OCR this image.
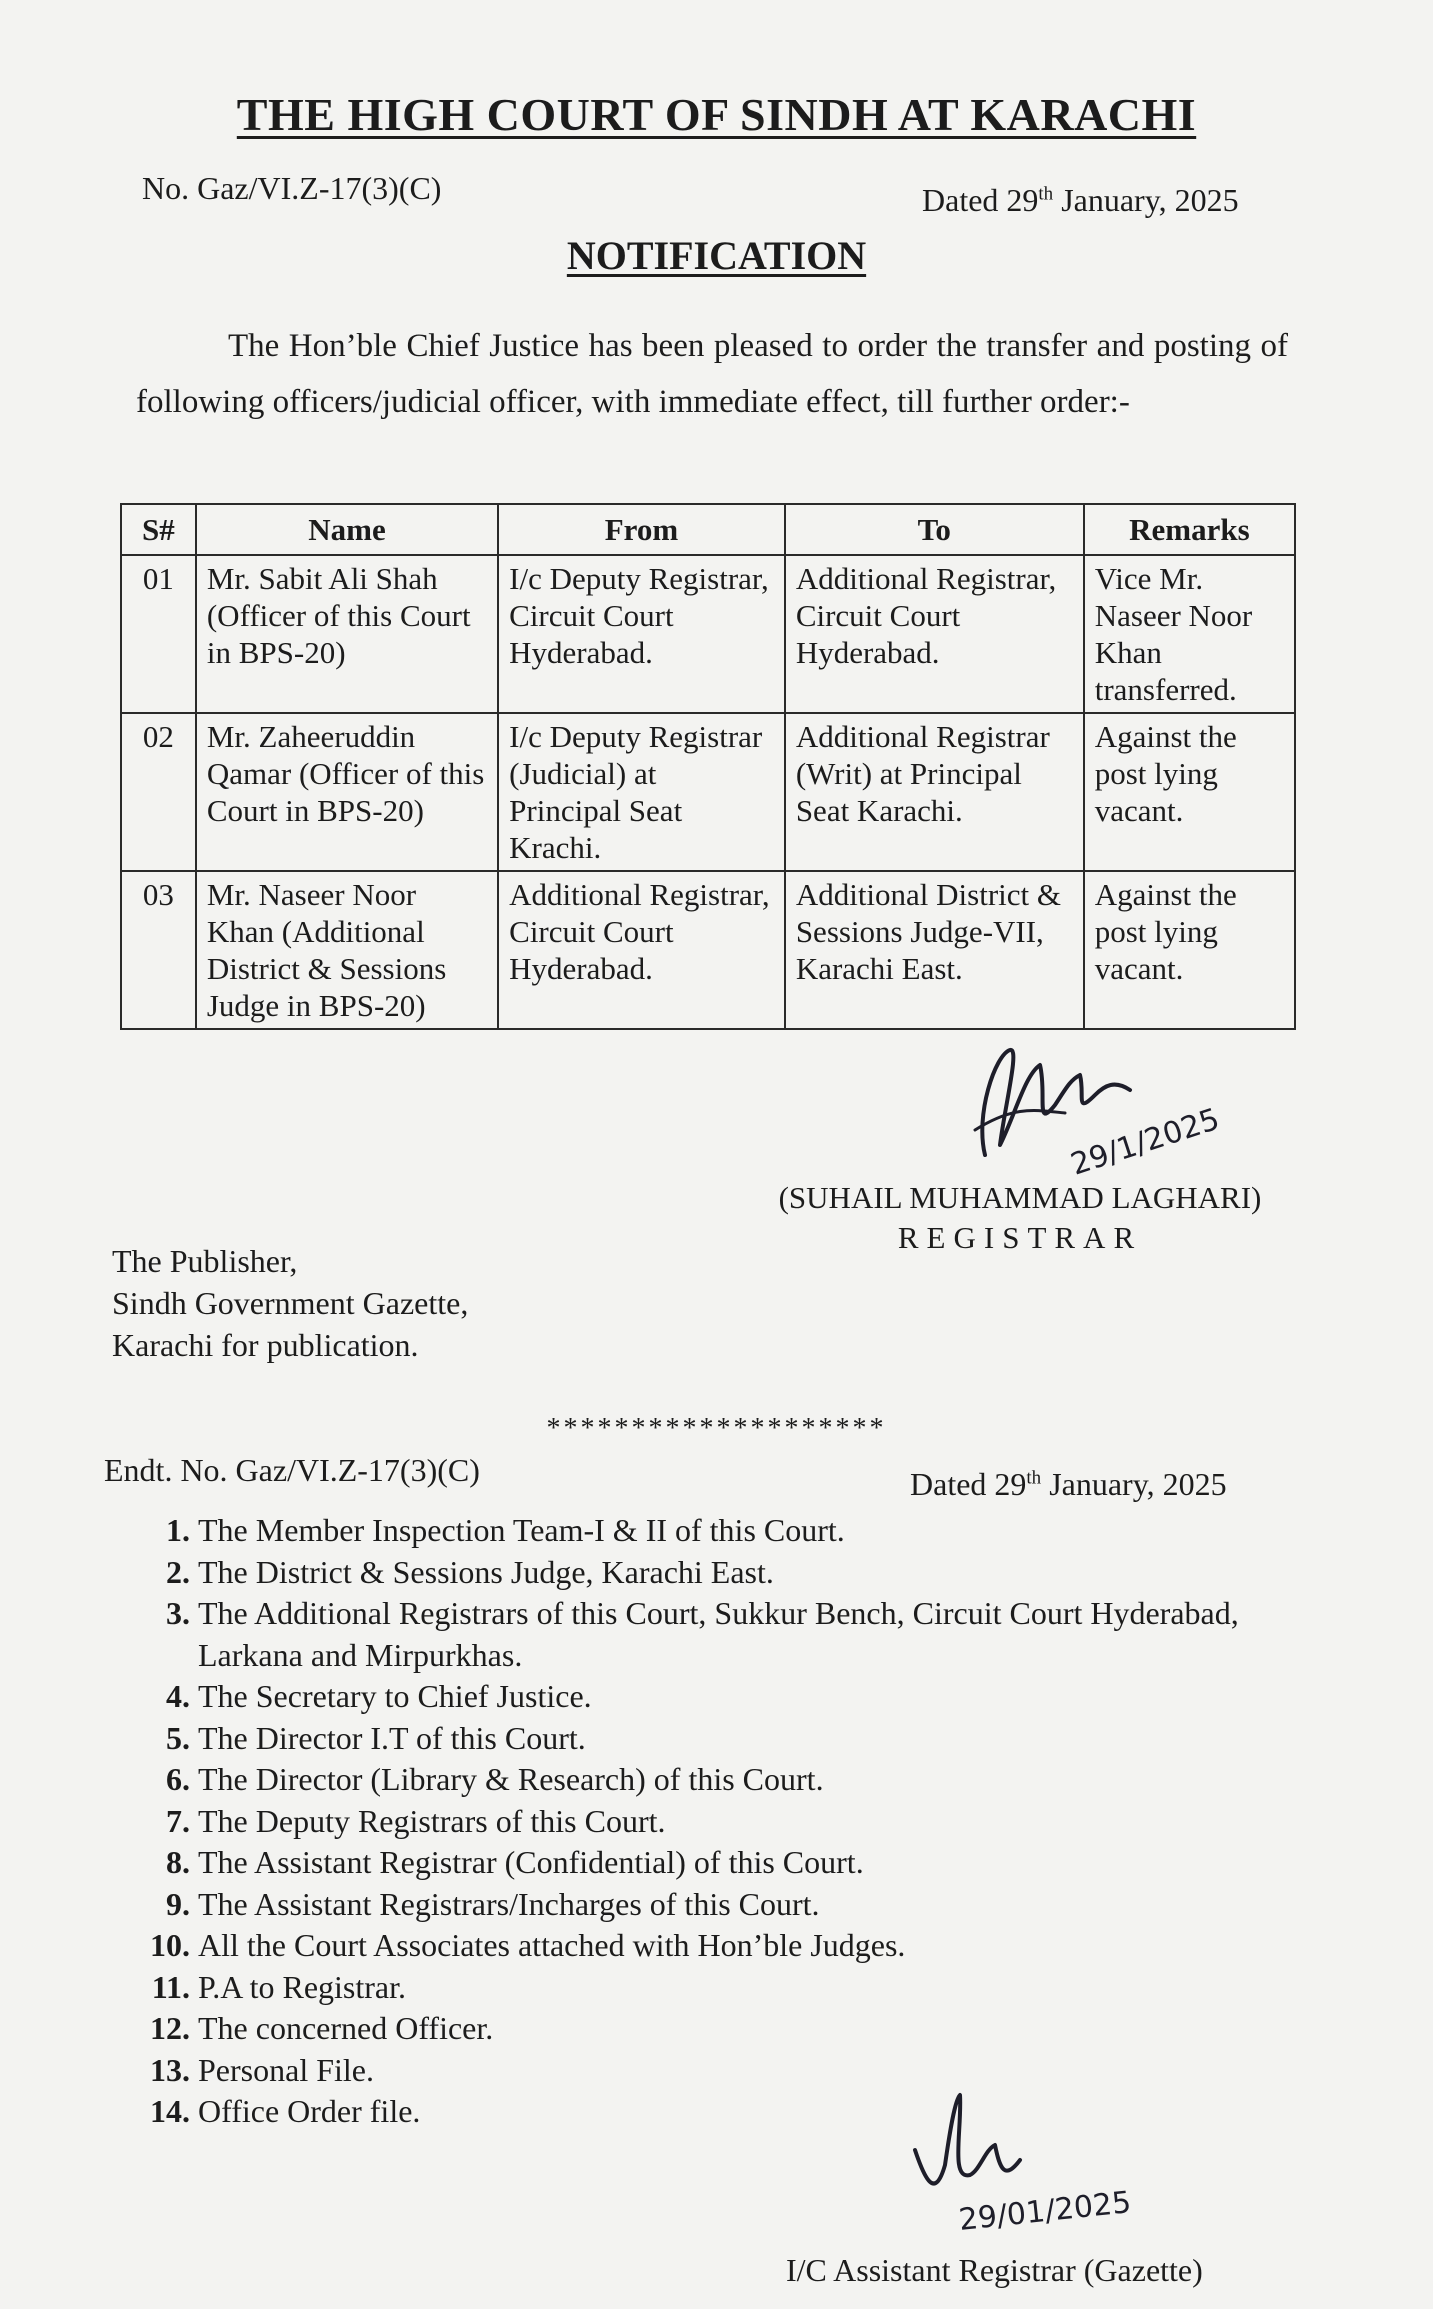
THE HIGH COURT OF SINDH AT KARACHI
No. Gaz/VI.Z-17(3)(C)	Dated 29th January, 2025
NOTIFICATION
The Hon’ble Chief Justice has been pleased to order the transfer and posting of following officers/judicial officer, with immediate effect, till further order:-
S#	Name	From	To	Remarks
01	Mr. Sabit Ali Shah (Officer of this Court in BPS-20)	I/c Deputy Registrar, Circuit Court Hyderabad.	Additional Registrar, Circuit Court Hyderabad.	Vice Mr. Naseer Noor Khan transferred.
02	Mr. Zaheeruddin Qamar (Officer of this Court in BPS-20)	I/c Deputy Registrar (Judicial) at Principal Seat Krachi.	Additional Registrar (Writ) at Principal Seat Karachi.	Against the post lying vacant.
03	Mr. Naseer Noor Khan (Additional District & Sessions Judge in BPS-20)	Additional Registrar, Circuit Court Hyderabad.	Additional District & Sessions Judge-VII, Karachi East.	Against the post lying vacant.
29/1/2025
(SUHAIL MUHAMMAD LAGHARI)
REGISTRAR
The Publisher,
Sindh Government Gazette,
Karachi for publication.
********************
Endt. No. Gaz/VI.Z-17(3)(C)	Dated 29th January, 2025
1. The Member Inspection Team-I & II of this Court.
2. The District & Sessions Judge, Karachi East.
3. The Additional Registrars of this Court, Sukkur Bench, Circuit Court Hyderabad, Larkana and Mirpurkhas.
4. The Secretary to Chief Justice.
5. The Director I.T of this Court.
6. The Director (Library & Research) of this Court.
7. The Deputy Registrars of this Court.
8. The Assistant Registrar (Confidential) of this Court.
9. The Assistant Registrars/Incharges of this Court.
10. All the Court Associates attached with Hon’ble Judges.
11. P.A to Registrar.
12. The concerned Officer.
13. Personal File.
14. Office Order file.
29/01/2025
I/C Assistant Registrar (Gazette)
